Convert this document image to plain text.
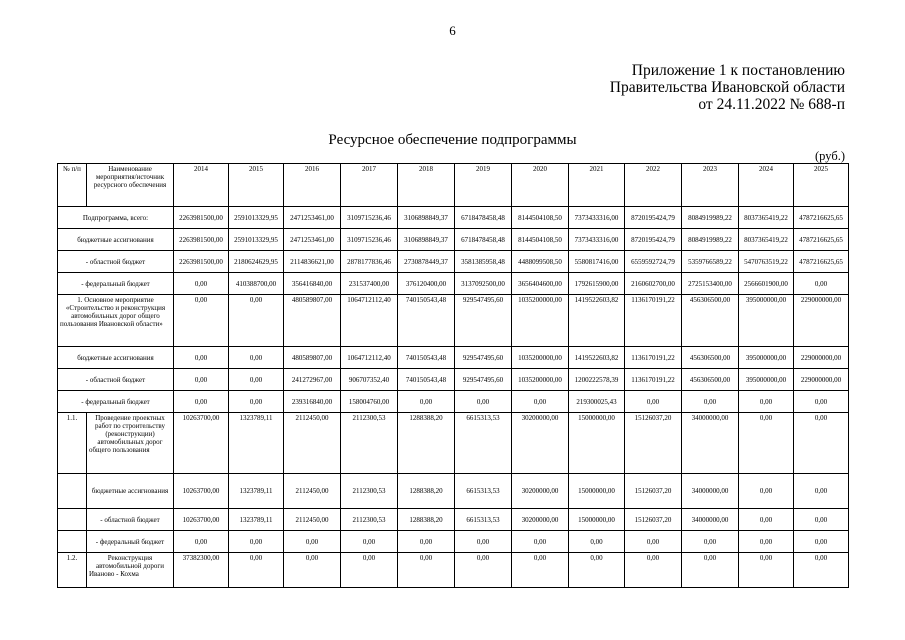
6
Приложение 1 к постановлению
Правительства Ивановской области
от 24.11.2022 № 688-п
Ресурсное обеспечение подпрограммы
(руб.)
№ п/п	Наименование мероприятия/источник ресурсного обеспечения	2014	2015	2016	2017	2018	2019	2020	2021	2022	2023	2024	2025
Подпрограмма, всего:		2263981500,00	2591013329,95	2471253461,00	3109715236,46	3106898849,37	6718478458,48	8144504108,50	7373433316,00	8720195424,79	8084919989,22	8037365419,22	4787216625,65
бюджетные ассигнования		2263981500,00	2591013329,95	2471253461,00	3109715236,46	3106898849,37	6718478458,48	8144504108,50	7373433316,00	8720195424,79	8084919989,22	8037365419,22	4787216625,65
- областной бюджет		2263981500,00	2180624629,95	2114836621,00	2878177836,46	2730878449,37	3581385958,48	4488099508,50	5580817416,00	6559592724,79	5359766589,22	5470763519,22	4787216625,65
- федеральный бюджет		0,00	410388700,00	356416840,00	231537400,00	376120400,00	3137092500,00	3656404600,00	1792615900,00	2160602700,00	2725153400,00	2566601900,00	0,00
1. Основное мероприятие «Строительство и реконструкция автомобильных дорог общего пользования Ивановской области»		0,00	0,00	480589807,00	1064712112,40	740150543,48	929547495,60	1035200000,00	1419522603,82	1136170191,22	456306500,00	395000000,00	229000000,00
бюджетные ассигнования		0,00	0,00	480589807,00	1064712112,40	740150543,48	929547495,60	1035200000,00	1419522603,82	1136170191,22	456306500,00	395000000,00	229000000,00
- областной бюджет		0,00	0,00	241272967,00	906707352,40	740150543,48	929547495,60	1035200000,00	1200222578,39	1136170191,22	456306500,00	395000000,00	229000000,00
- федеральный бюджет		0,00	0,00	239316840,00	158004760,00	0,00	0,00	0,00	219300025,43	0,00	0,00	0,00	0,00
1.1.	Проведение проектных работ по строительству (реконструкции) автомобильных дорог общего пользования	10263700,00	1323789,11	2112450,00	2112300,53	1288388,20	6615313,53	30200000,00	15000000,00	15126037,20	34000000,00	0,00	0,00
	бюджетные ассигнования	10263700,00	1323789,11	2112450,00	2112300,53	1288388,20	6615313,53	30200000,00	15000000,00	15126037,20	34000000,00	0,00	0,00
	- областной бюджет	10263700,00	1323789,11	2112450,00	2112300,53	1288388,20	6615313,53	30200000,00	15000000,00	15126037,20	34000000,00	0,00	0,00
	- федеральный бюджет	0,00	0,00	0,00	0,00	0,00	0,00	0,00	0,00	0,00	0,00	0,00	0,00
1.2.	Реконструкция автомобильной дороги Иваново - Кохма	37382300,00	0,00	0,00	0,00	0,00	0,00	0,00	0,00	0,00	0,00	0,00	0,00
